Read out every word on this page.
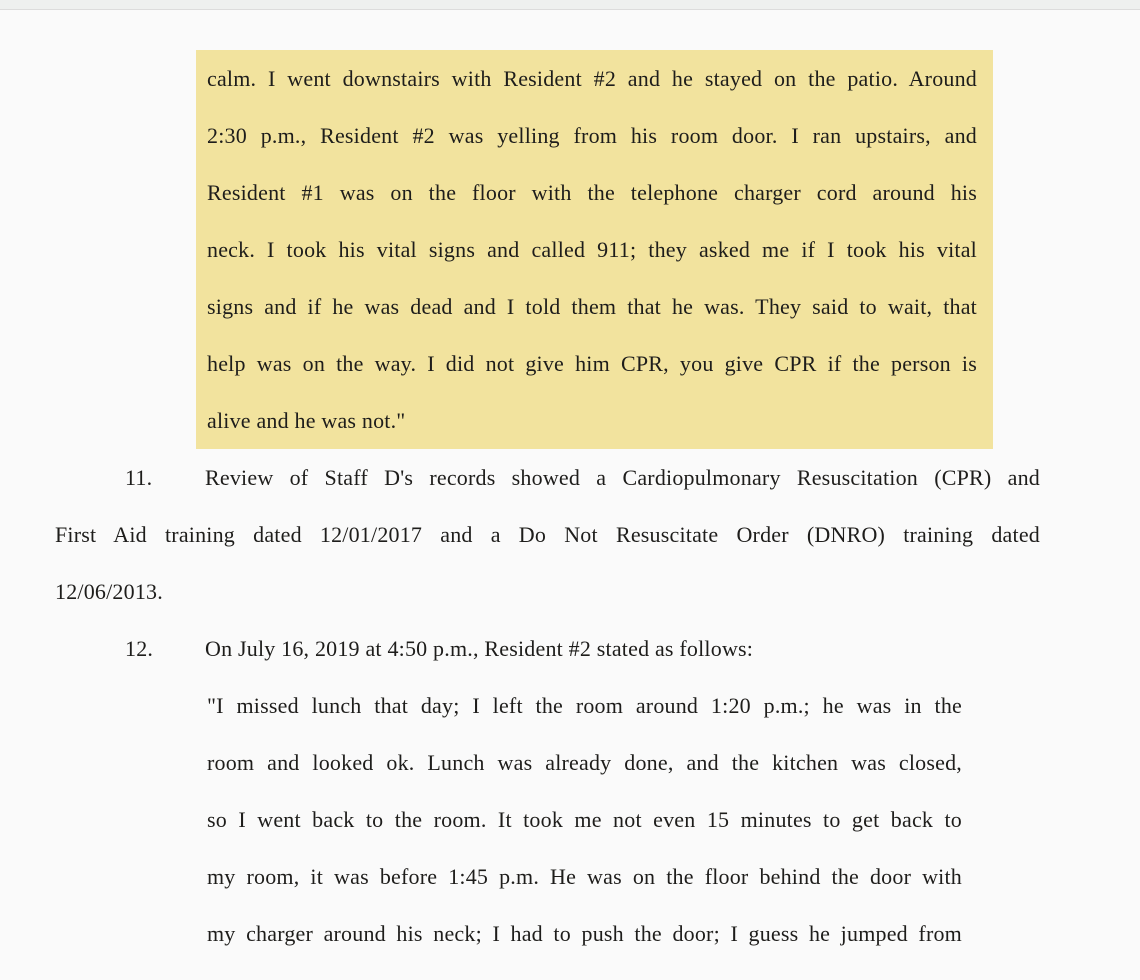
calm. I went downstairs with Resident #2 and he stayed on the patio. Around
2:30 p.m., Resident #2 was yelling from his room door. I ran upstairs, and
Resident #1 was on the floor with the telephone charger cord around his
neck. I took his vital signs and called 911; they asked me if I took his vital
signs and if he was dead and I told them that he was. They said to wait, that
help was on the way. I did not give him CPR, you give CPR if the person is
alive and he was not."
11. Review of Staff D's records showed a Cardiopulmonary Resuscitation (CPR) and
First Aid training dated 12/01/2017 and a Do Not Resuscitate Order (DNRO) training dated
12/06/2013.
12. On July 16, 2019 at 4:50 p.m., Resident #2 stated as follows:
"I missed lunch that day; I left the room around 1:20 p.m.; he was in the
room and looked ok. Lunch was already done, and the kitchen was closed,
so I went back to the room. It took me not even 15 minutes to get back to
my room, it was before 1:45 p.m. He was on the floor behind the door with
my charger around his neck; I had to push the door; I guess he jumped from
